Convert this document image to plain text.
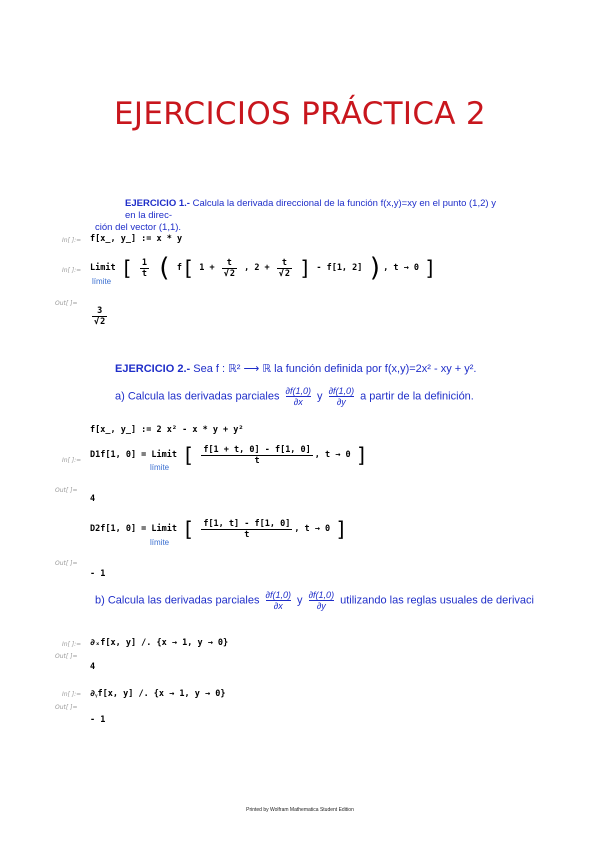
EJERCICIOS PRÁCTICA 2
EJERCICIO 1.- Calcula la derivada direccional de la función f(x,y)=xy en el punto (1,2) y en la direc-
ción del vector (1,1).
In[ ]:= f[x_, y_] := x * y
In[ ]:= Limit [ $\frac{1}{t}$ ( f[ $1 + \frac{t}{√2}$ , $2 + \frac{t}{√2}$ ] - f[1, 2] ), t → 0 ]
límite
Out[ ]=
$\frac{3}{√2}$
EJERCICIO 2.- Sea f : ℝ² ⟶ ℝ la función definida por f(x,y)=2x² - xy + y².
a) Calcula las derivadas parciales $\frac{\partial f(1,0)}{\partial x}$ y $\frac{\partial f(1,0)}{\partial y}$ a partir de la definición.
f[x_, y_] := 2 x² - x * y + y²
In[ ]:=
D1f[1, 0] = Limit [ $\frac{f[1 + t, 0] - f[1, 0]}{t}$ , t → 0 ]
límite
Out[ ]=
4
D2f[1, 0] = Limit [ $\frac{f[1, t] - f[1, 0]}{t}$ , t → 0 ]
límite
Out[ ]=
- 1
b) Calcula las derivadas parciales $\frac{\partial f(1,0)}{\partial x}$ y $\frac{\partial f(1,0)}{\partial y}$ utilizando las reglas usuales de derivaci
In[ ]:= ∂ₓf[x, y] /. {x → 1, y → 0}
Out[ ]=
4
In[ ]:= ∂ᵧf[x, y] /. {x → 1, y → 0}
Out[ ]=
- 1
Printed by Wolfram Mathematica Student Edition
